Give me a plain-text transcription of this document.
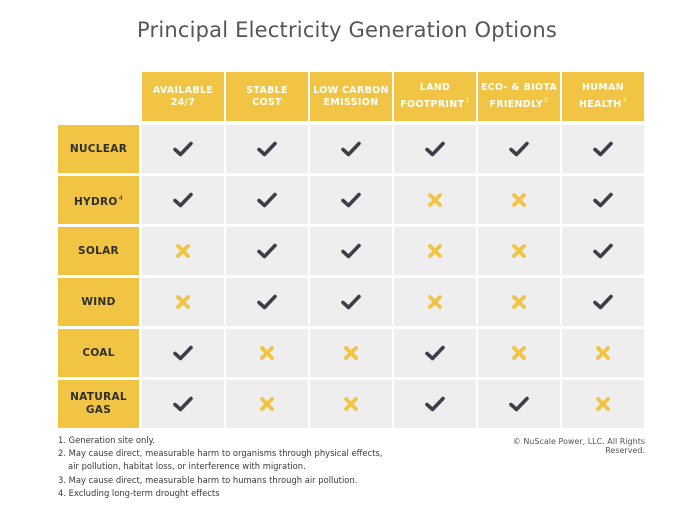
Principal Electricity Generation Options
AVAILABLE
24/7
STABLE
COST
LOW CARBON
EMISSION
LAND
FOOTPRINT$^1$
ECO- & BIOTA
FRIENDLY$^2$
HUMAN
HEALTH$^3$
NUCLEAR
HYDRO$^4$
SOLAR
WIND
COAL
NATURAL
GAS
1. Generation site only.
2. May cause direct, measurable harm to organisms through physical effects,
air pollution, habitat loss, or interference with migration.
3. May cause direct, measurable harm to humans through air pollution.
4. Excluding long-term drought effects
© NuScale Power, LLC. All Rights Reserved.
